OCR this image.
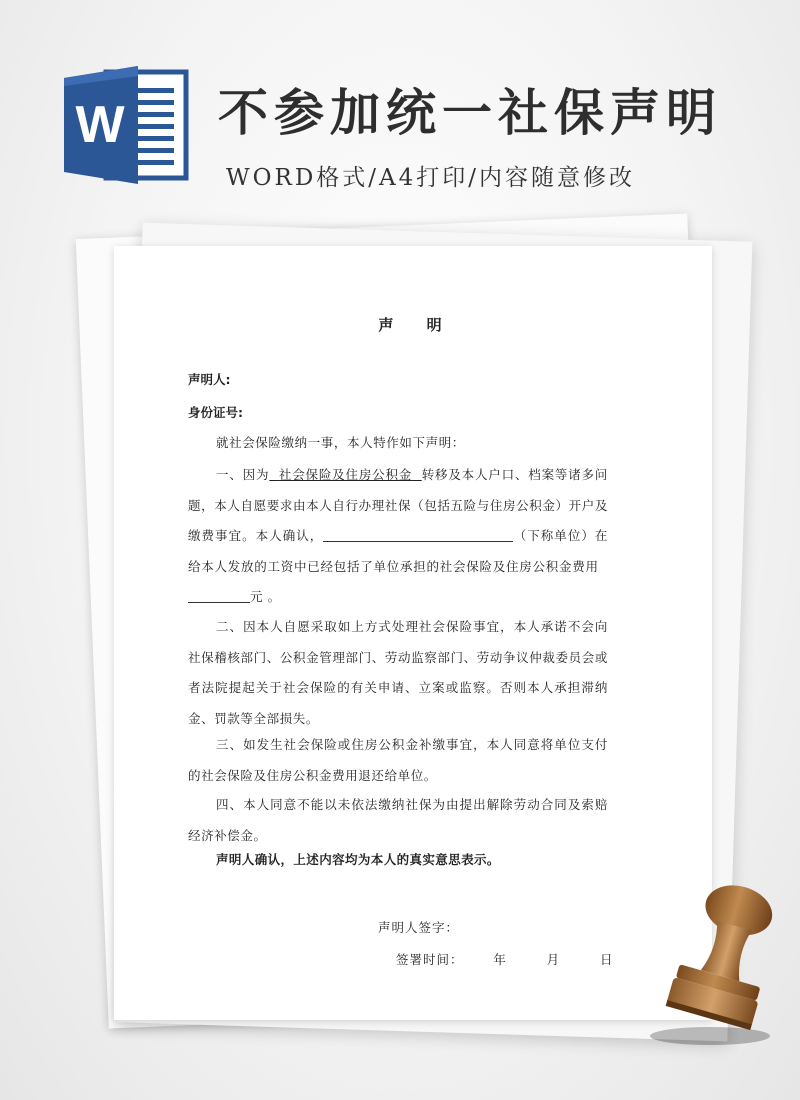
W 不参加统一社保声明
WORD格式/A4打印/内容随意修改
声 明
声明人:
身份证号:

就社会保险缴纳一事，本人特作如下声明：

一、因为 社会保险及住房公积金 转移及本人户口、档案等诸多问题，本人自愿要求由本人自行办理社保（包括五险与住房公积金）开户及缴费事宜。本人确认，	（下称单位）在给本人发放的工资中已经包括了单位承担的社会保险及住房公积金费用  元 。

二、因本人自愿采取如上方式处理社会保险事宜，本人承诺不会向社保稽核部门、公积金管理部门、劳动监察部门、劳动争议仲裁委员会或者法院提起关于社会保险的有关申请、立案或监察。否则本人承担滞纳金、罚款等全部损失。

三、如发生社会保险或住房公积金补缴事宜，本人同意将单位支付的社会保险及住房公积金费用退还给单位。

四、本人同意不能以未依法缴纳社保为由提出解除劳动合同及索赔经济补偿金。

声明人确认，上述内容均为本人的真实意思表示。
声明人签字：
签署时间： 年	月	日
